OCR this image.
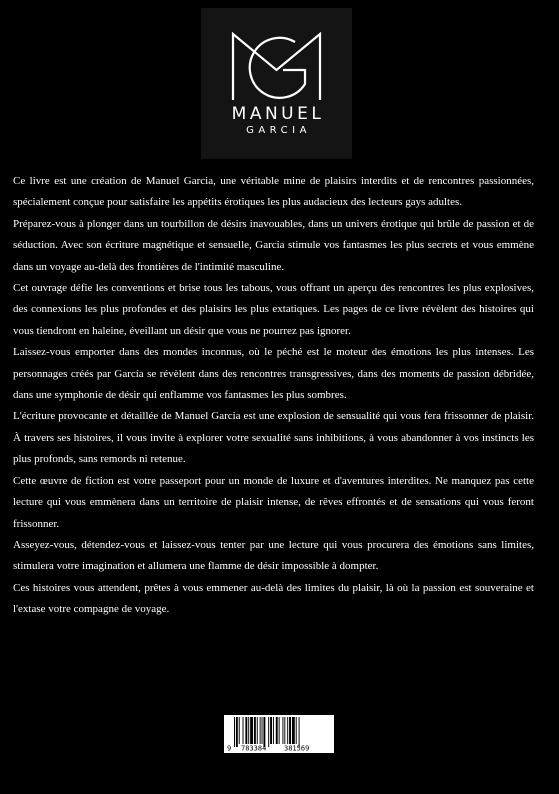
MANUEL
GARCIA

Ce livre est une création de Manuel Garcia, une véritable mine de plaisirs interdits et de rencontres passionnées, spécialement conçue pour satisfaire les appétits érotiques les plus audacieux des lecteurs gays adultes.

Préparez-vous à plonger dans un tourbillon de désirs inavouables, dans un univers érotique qui brûle de passion et de séduction. Avec son écriture magnétique et sensuelle, Garcia stimule vos fantasmes les plus secrets et vous emmène dans un voyage au-delà des frontières de l'intimité masculine.

Cet ouvrage défie les conventions et brise tous les tabous, vous offrant un aperçu des rencontres les plus explosives, des connexions les plus profondes et des plaisirs les plus extatiques. Les pages de ce livre révèlent des histoires qui vous tiendront en haleine, éveillant un désir que vous ne pourrez pas ignorer.

Laissez-vous emporter dans des mondes inconnus, où le péché est le moteur des émotions les plus intenses. Les personnages créés par García se révèlent dans des rencontres transgressives, dans des moments de passion débridée, dans une symphonie de désir qui enflamme vos fantasmes les plus sombres.

L'écriture provocante et détaillée de Manuel Garcia est une explosion de sensualité qui vous fera frissonner de plaisir. À travers ses histoires, il vous invite à explorer votre sexualité sans inhibitions, à vous abandonner à vos instincts les plus profonds, sans remords ni retenue.

Cette œuvre de fiction est votre passeport pour un monde de luxure et d'aventures interdites. Ne manquez pas cette lecture qui vous emmènera dans un territoire de plaisir intense, de rêves effrontés et de sensations qui vous feront frissonner.

Asseyez-vous, détendez-vous et laissez-vous tenter par une lecture qui vous procurera des émotions sans limites, stimulera votre imagination et allumera une flamme de désir impossible à dompter.

Ces histoires vous attendent, prêtes à vous emmener au-delà des limites du plaisir, là où la passion est souveraine et l'extase votre compagne de voyage.

9 783384	381569
